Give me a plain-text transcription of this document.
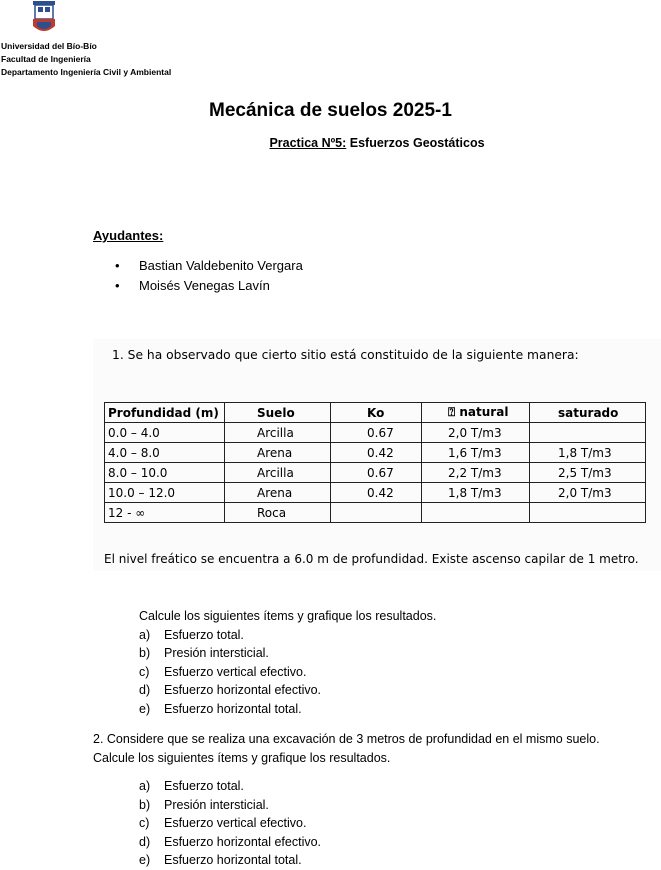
Universidad del Bío-Bío
Facultad de Ingeniería
Departamento Ingeniería Civil y Ambiental
Mecánica de suelos 2025-1
Practica Nº5: Esfuerzos Geostáticos
Ayudantes:
• Bastian Valdebenito Vergara
• Moisés Venegas Lavín
1. Se ha observado que cierto sitio está constituido de la siguiente manera:
Profundidad (m)	Suelo	Ko	⍰ natural	saturado
0.0 – 4.0	Arcilla	0.67	2,0 T/m3	
4.0 – 8.0	Arena	0.42	1,6 T/m3	1,8 T/m3
8.0 – 10.0	Arcilla	0.67	2,2 T/m3	2,5 T/m3
10.0 – 12.0	Arena	0.42	1,8 T/m3	2,0 T/m3
12 - ∞	Roca			
El nivel freático se encuentra a 6.0 m de profundidad. Existe ascenso capilar de 1 metro.
Calcule los siguientes ítems y grafique los resultados.
a) Esfuerzo total.
b) Presión intersticial.
c) Esfuerzo vertical efectivo.
d) Esfuerzo horizontal efectivo.
e) Esfuerzo horizontal total.
2. Considere que se realiza una excavación de 3 metros de profundidad en el mismo suelo.
Calcule los siguientes ítems y grafique los resultados.
a) Esfuerzo total.
b) Presión intersticial.
c) Esfuerzo vertical efectivo.
d) Esfuerzo horizontal efectivo.
e) Esfuerzo horizontal total.
